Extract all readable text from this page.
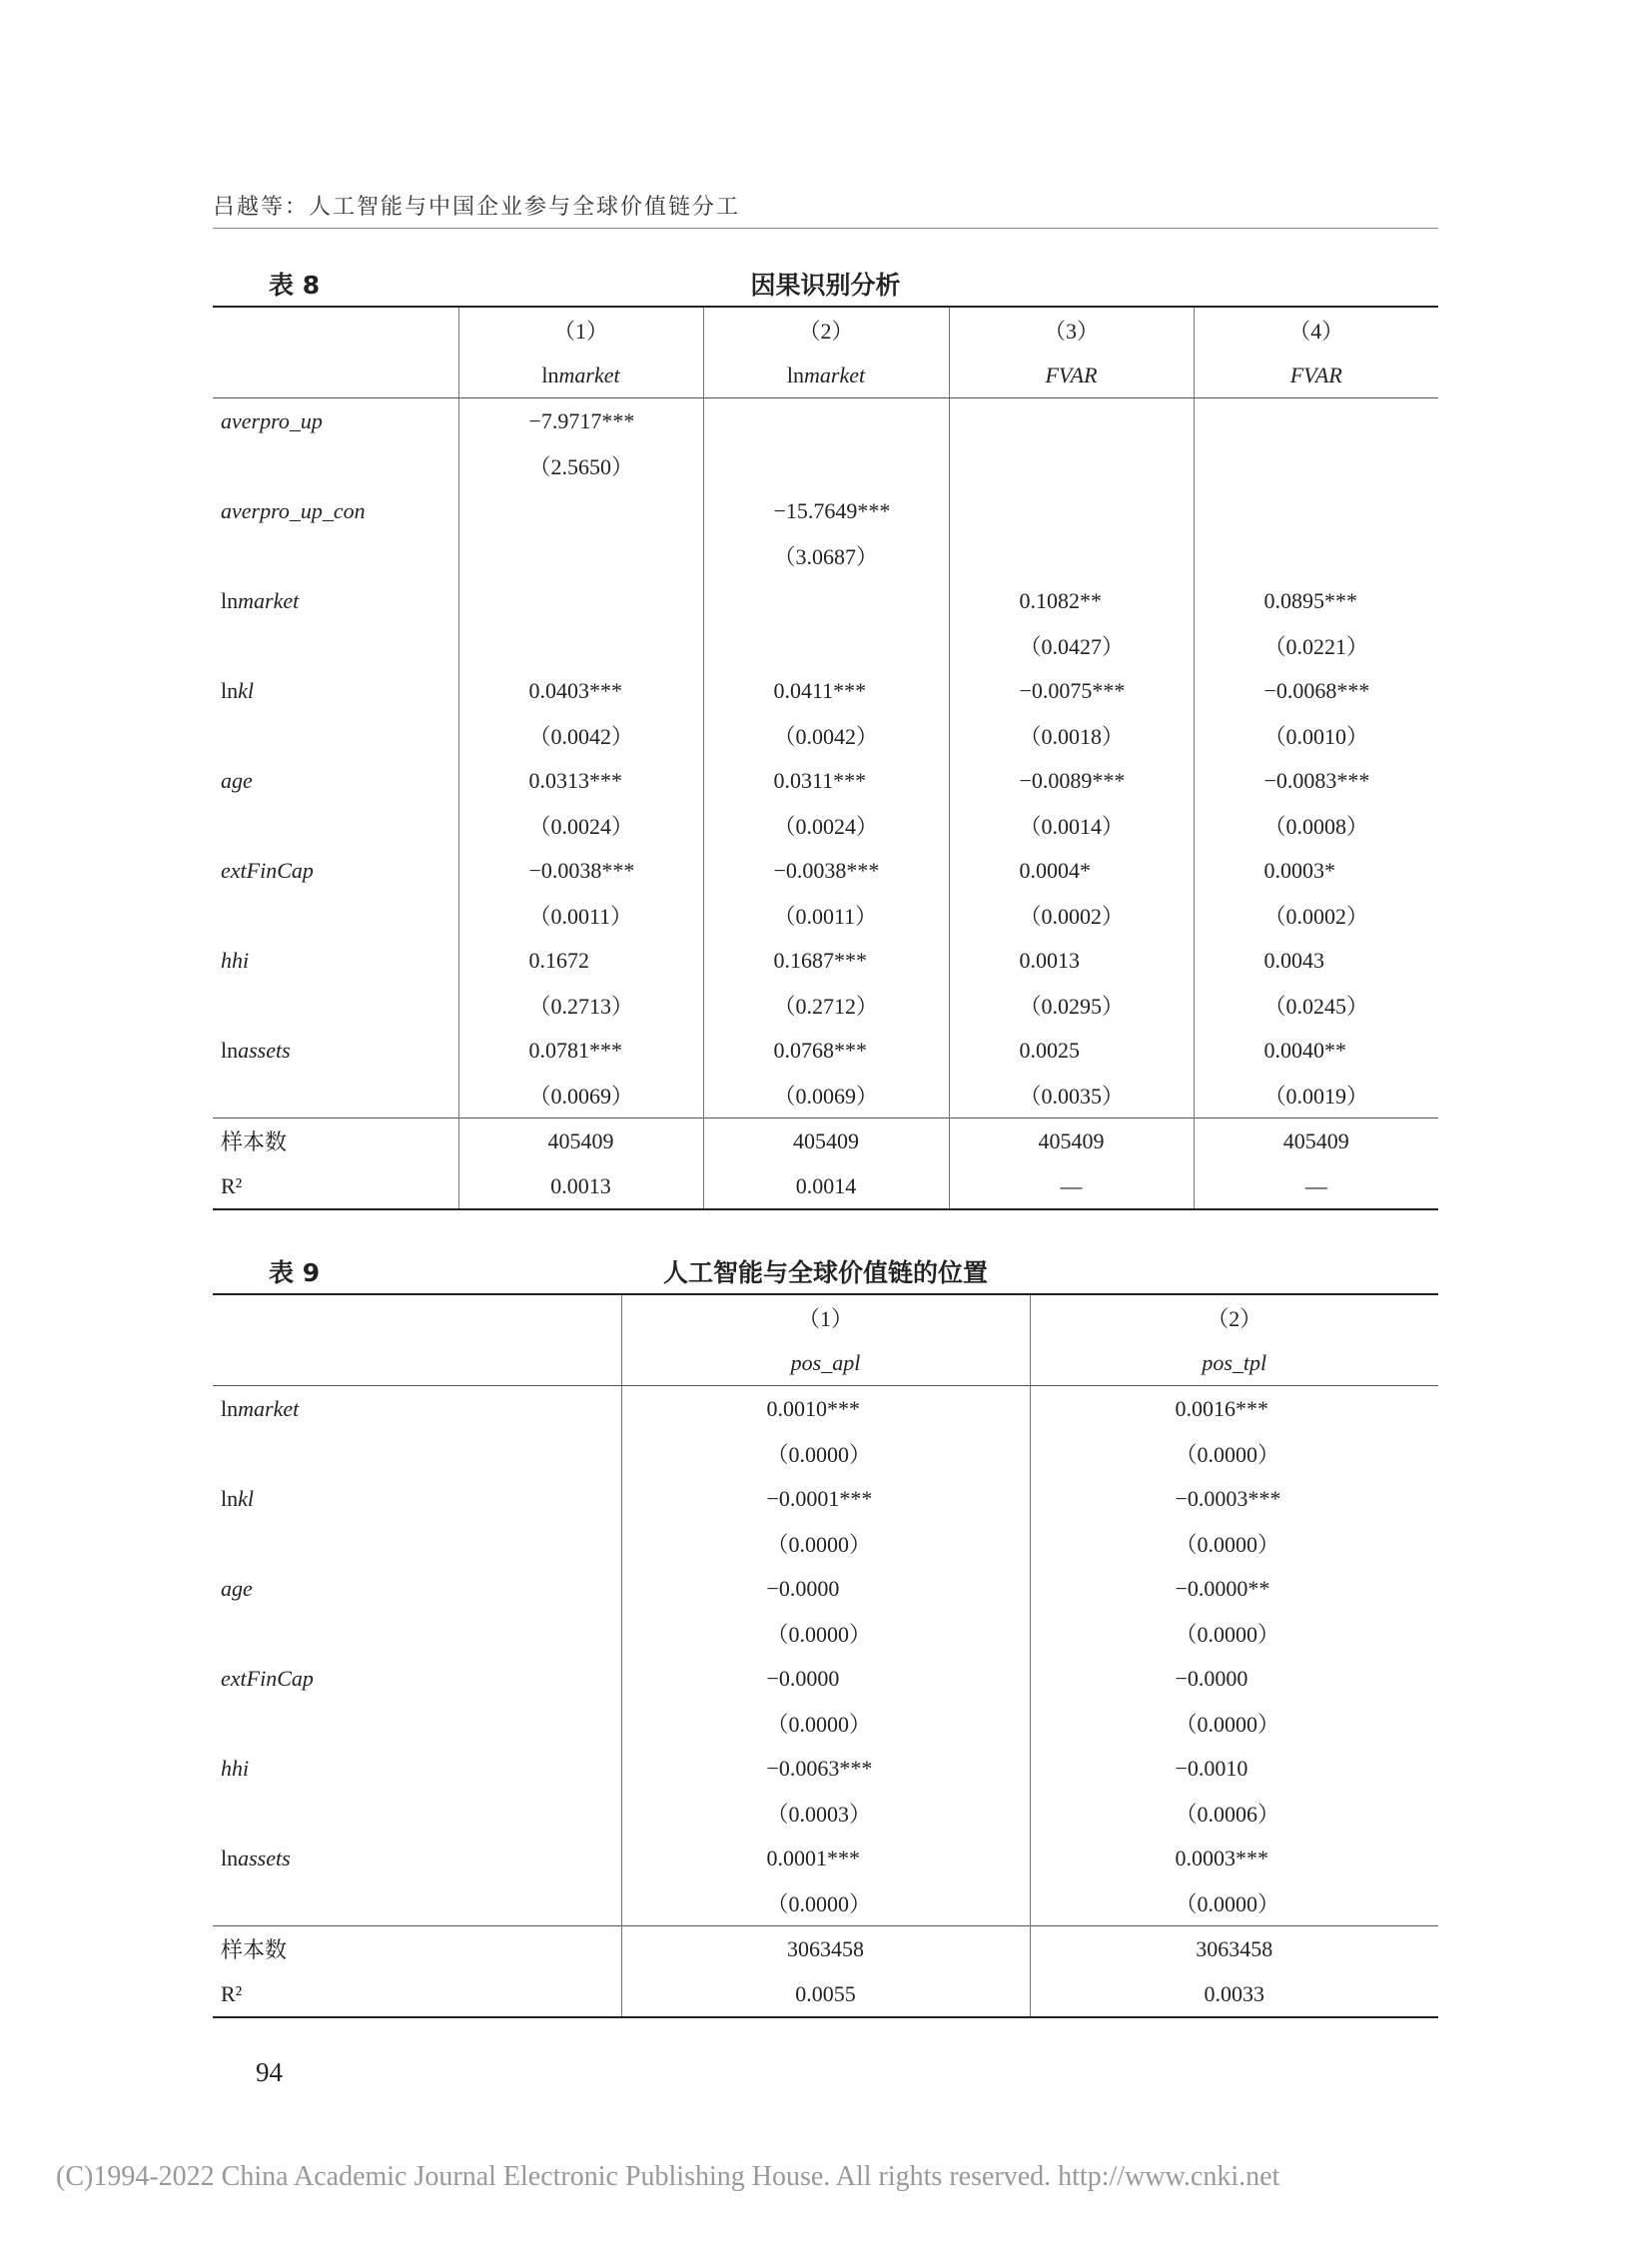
吕越等：人工智能与中国企业参与全球价值链分工
因果识别分析
表 8
	（1）	（2）	（3）	（4）
	lnmarket	lnmarket	FVAR	FVAR
averpro_up	−7.9717***			
	（2.5650）			
averpro_up_con		−15.7649***		
		（3.0687）		
lnmarket			0.1082**	0.0895***
			（0.0427）	（0.0221）
lnkl	0.0403***	0.0411***	−0.0075***	−0.0068***
	（0.0042）	（0.0042）	（0.0018）	（0.0010）
age	0.0313***	0.0311***	−0.0089***	−0.0083***
	（0.0024）	（0.0024）	（0.0014）	（0.0008）
extFinCap	−0.0038***	−0.0038***	0.0004*	0.0003*
	（0.0011）	（0.0011）	（0.0002）	（0.0002）
hhi	0.1672	0.1687***	0.0013	0.0043
	（0.2713）	（0.2712）	（0.0295）	（0.0245）
lnassets	0.0781***	0.0768***	0.0025	0.0040**
	（0.0069）	（0.0069）	（0.0035）	（0.0019）
样本数	405409	405409	405409	405409
R²	0.0013	0.0014	—	—
人工智能与全球价值链的位置
表 9
	（1）	（2）
	pos_apl	pos_tpl
lnmarket	0.0010***	0.0016***
	（0.0000）	（0.0000）
lnkl	−0.0001***	−0.0003***
	（0.0000）	（0.0000）
age	−0.0000	−0.0000**
	（0.0000）	（0.0000）
extFinCap	−0.0000	−0.0000
	（0.0000）	（0.0000）
hhi	−0.0063***	−0.0010
	（0.0003）	（0.0006）
lnassets	0.0001***	0.0003***
	（0.0000）	（0.0000）
样本数	3063458	3063458
R²	0.0055	0.0033
94
(C)1994-2022 China Academic Journal Electronic Publishing House. All rights reserved. http://www.cnki.net
